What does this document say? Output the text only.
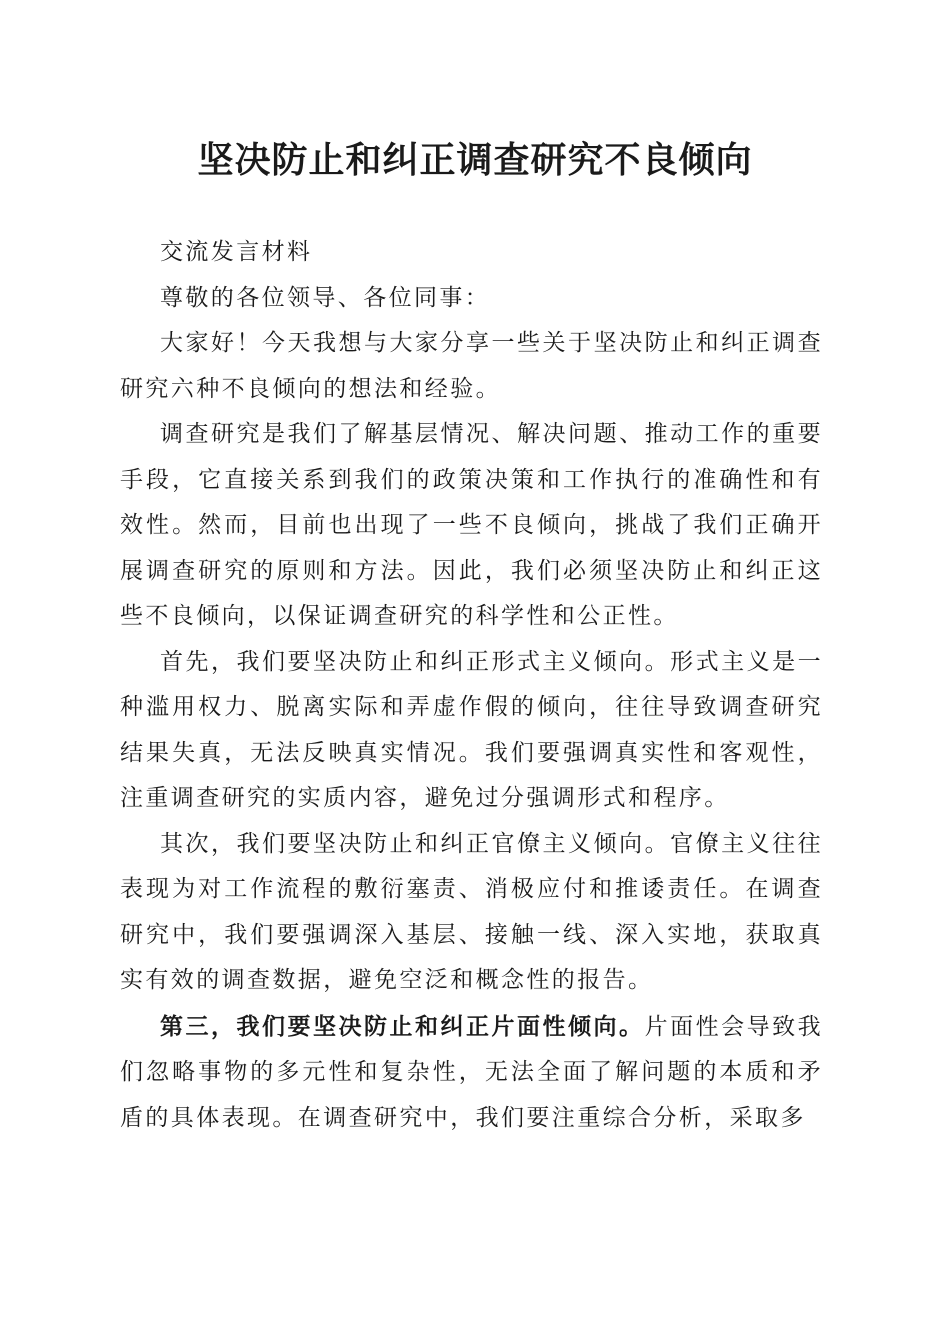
坚决防止和纠正调查研究不良倾向

交流发言材料

尊敬的各位领导、各位同事：

大家好！今天我想与大家分享一些关于坚决防止和纠正调查研究六种不良倾向的想法和经验。

调查研究是我们了解基层情况、解决问题、推动工作的重要手段，它直接关系到我们的政策决策和工作执行的准确性和有效性。然而，目前也出现了一些不良倾向，挑战了我们正确开展调查研究的原则和方法。因此，我们必须坚决防止和纠正这些不良倾向，以保证调查研究的科学性和公正性。

首先，我们要坚决防止和纠正形式主义倾向。形式主义是一种滥用权力、脱离实际和弄虚作假的倾向，往往导致调查研究结果失真，无法反映真实情况。我们要强调真实性和客观性，注重调查研究的实质内容，避免过分强调形式和程序。

其次，我们要坚决防止和纠正官僚主义倾向。官僚主义往往表现为对工作流程的敷衍塞责、消极应付和推诿责任。在调查研究中，我们要强调深入基层、接触一线、深入实地，获取真实有效的调查数据，避免空泛和概念性的报告。

第三，我们要坚决防止和纠正片面性倾向。片面性会导致我们忽略事物的多元性和复杂性，无法全面了解问题的本质和矛盾的具体表现。在调查研究中，我们要注重综合分析，采取多
